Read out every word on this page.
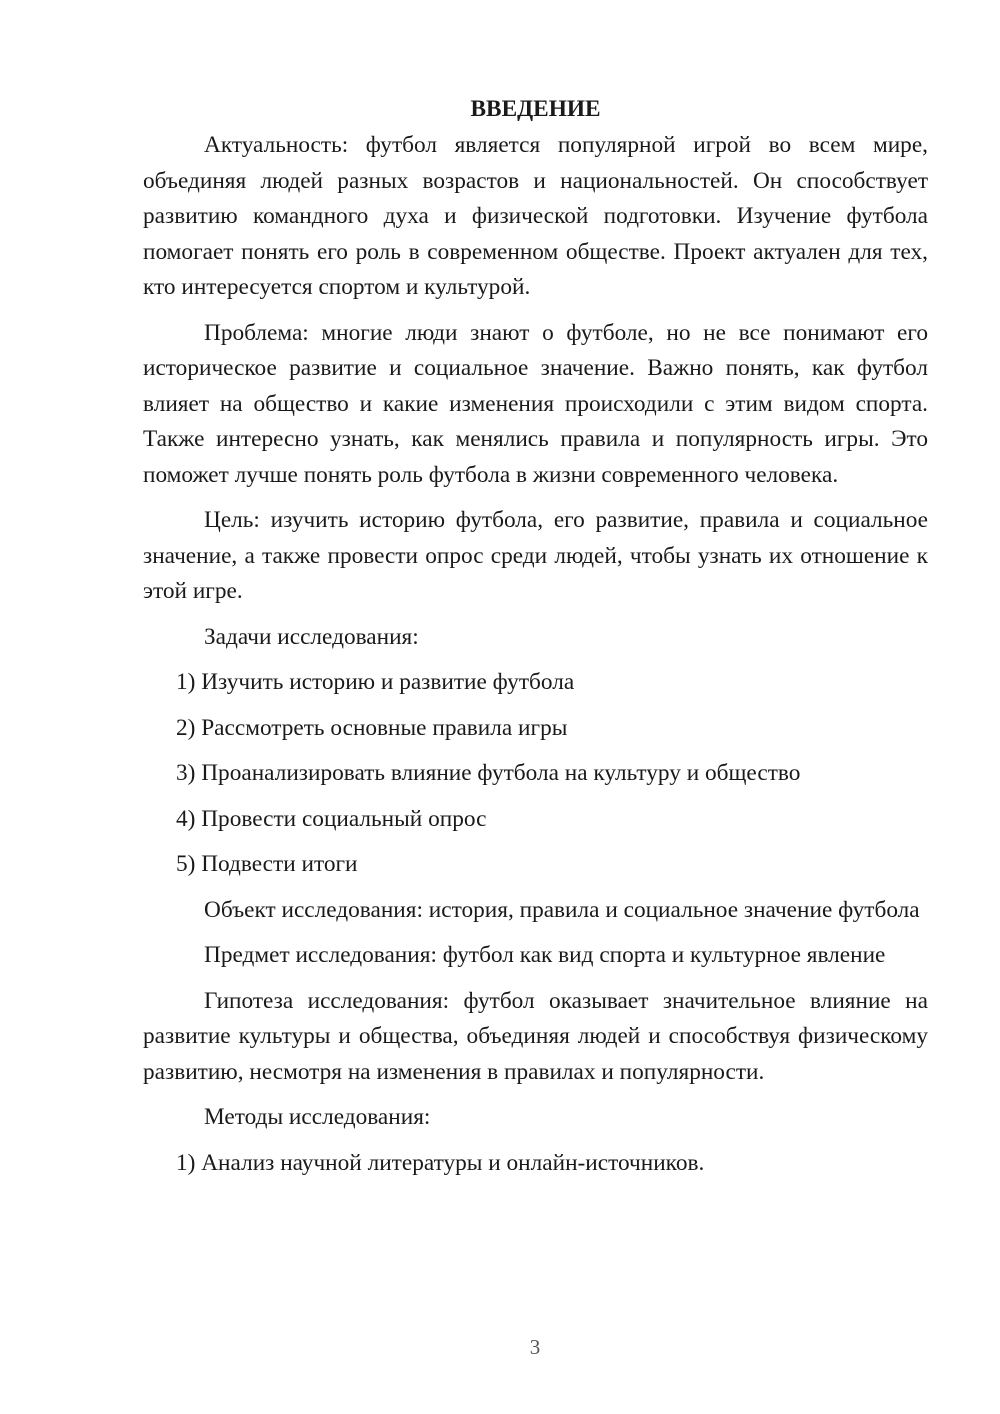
ВВЕДЕНИЕ

Актуальность: футбол является популярной игрой во всем мире, объединяя людей разных возрастов и национальностей. Он способствует развитию командного духа и физической подготовки. Изучение футбола помогает понять его роль в современном обществе. Проект актуален для тех, кто интересуется спортом и культурой.

Проблема: многие люди знают о футболе, но не все понимают его историческое развитие и социальное значение. Важно понять, как футбол влияет на общество и какие изменения происходили с этим видом спорта. Также интересно узнать, как менялись правила и популярность игры. Это поможет лучше понять роль футбола в жизни современного человека.

Цель: изучить историю футбола, его развитие, правила и социальное значение, а также провести опрос среди людей, чтобы узнать их отношение к этой игре.

Задачи исследования:

1) Изучить историю и развитие футбола
2) Рассмотреть основные правила игры
3) Проанализировать влияние футбола на культуру и общество
4) Провести социальный опрос
5) Подвести итоги

Объект исследования: история, правила и социальное значение футбола

Предмет исследования: футбол как вид спорта и культурное явление

Гипотеза исследования: футбол оказывает значительное влияние на развитие культуры и общества, объединяя людей и способствуя физическому развитию, несмотря на изменения в правилах и популярности.

Методы исследования:

1) Анализ научной литературы и онлайн-источников.
3
